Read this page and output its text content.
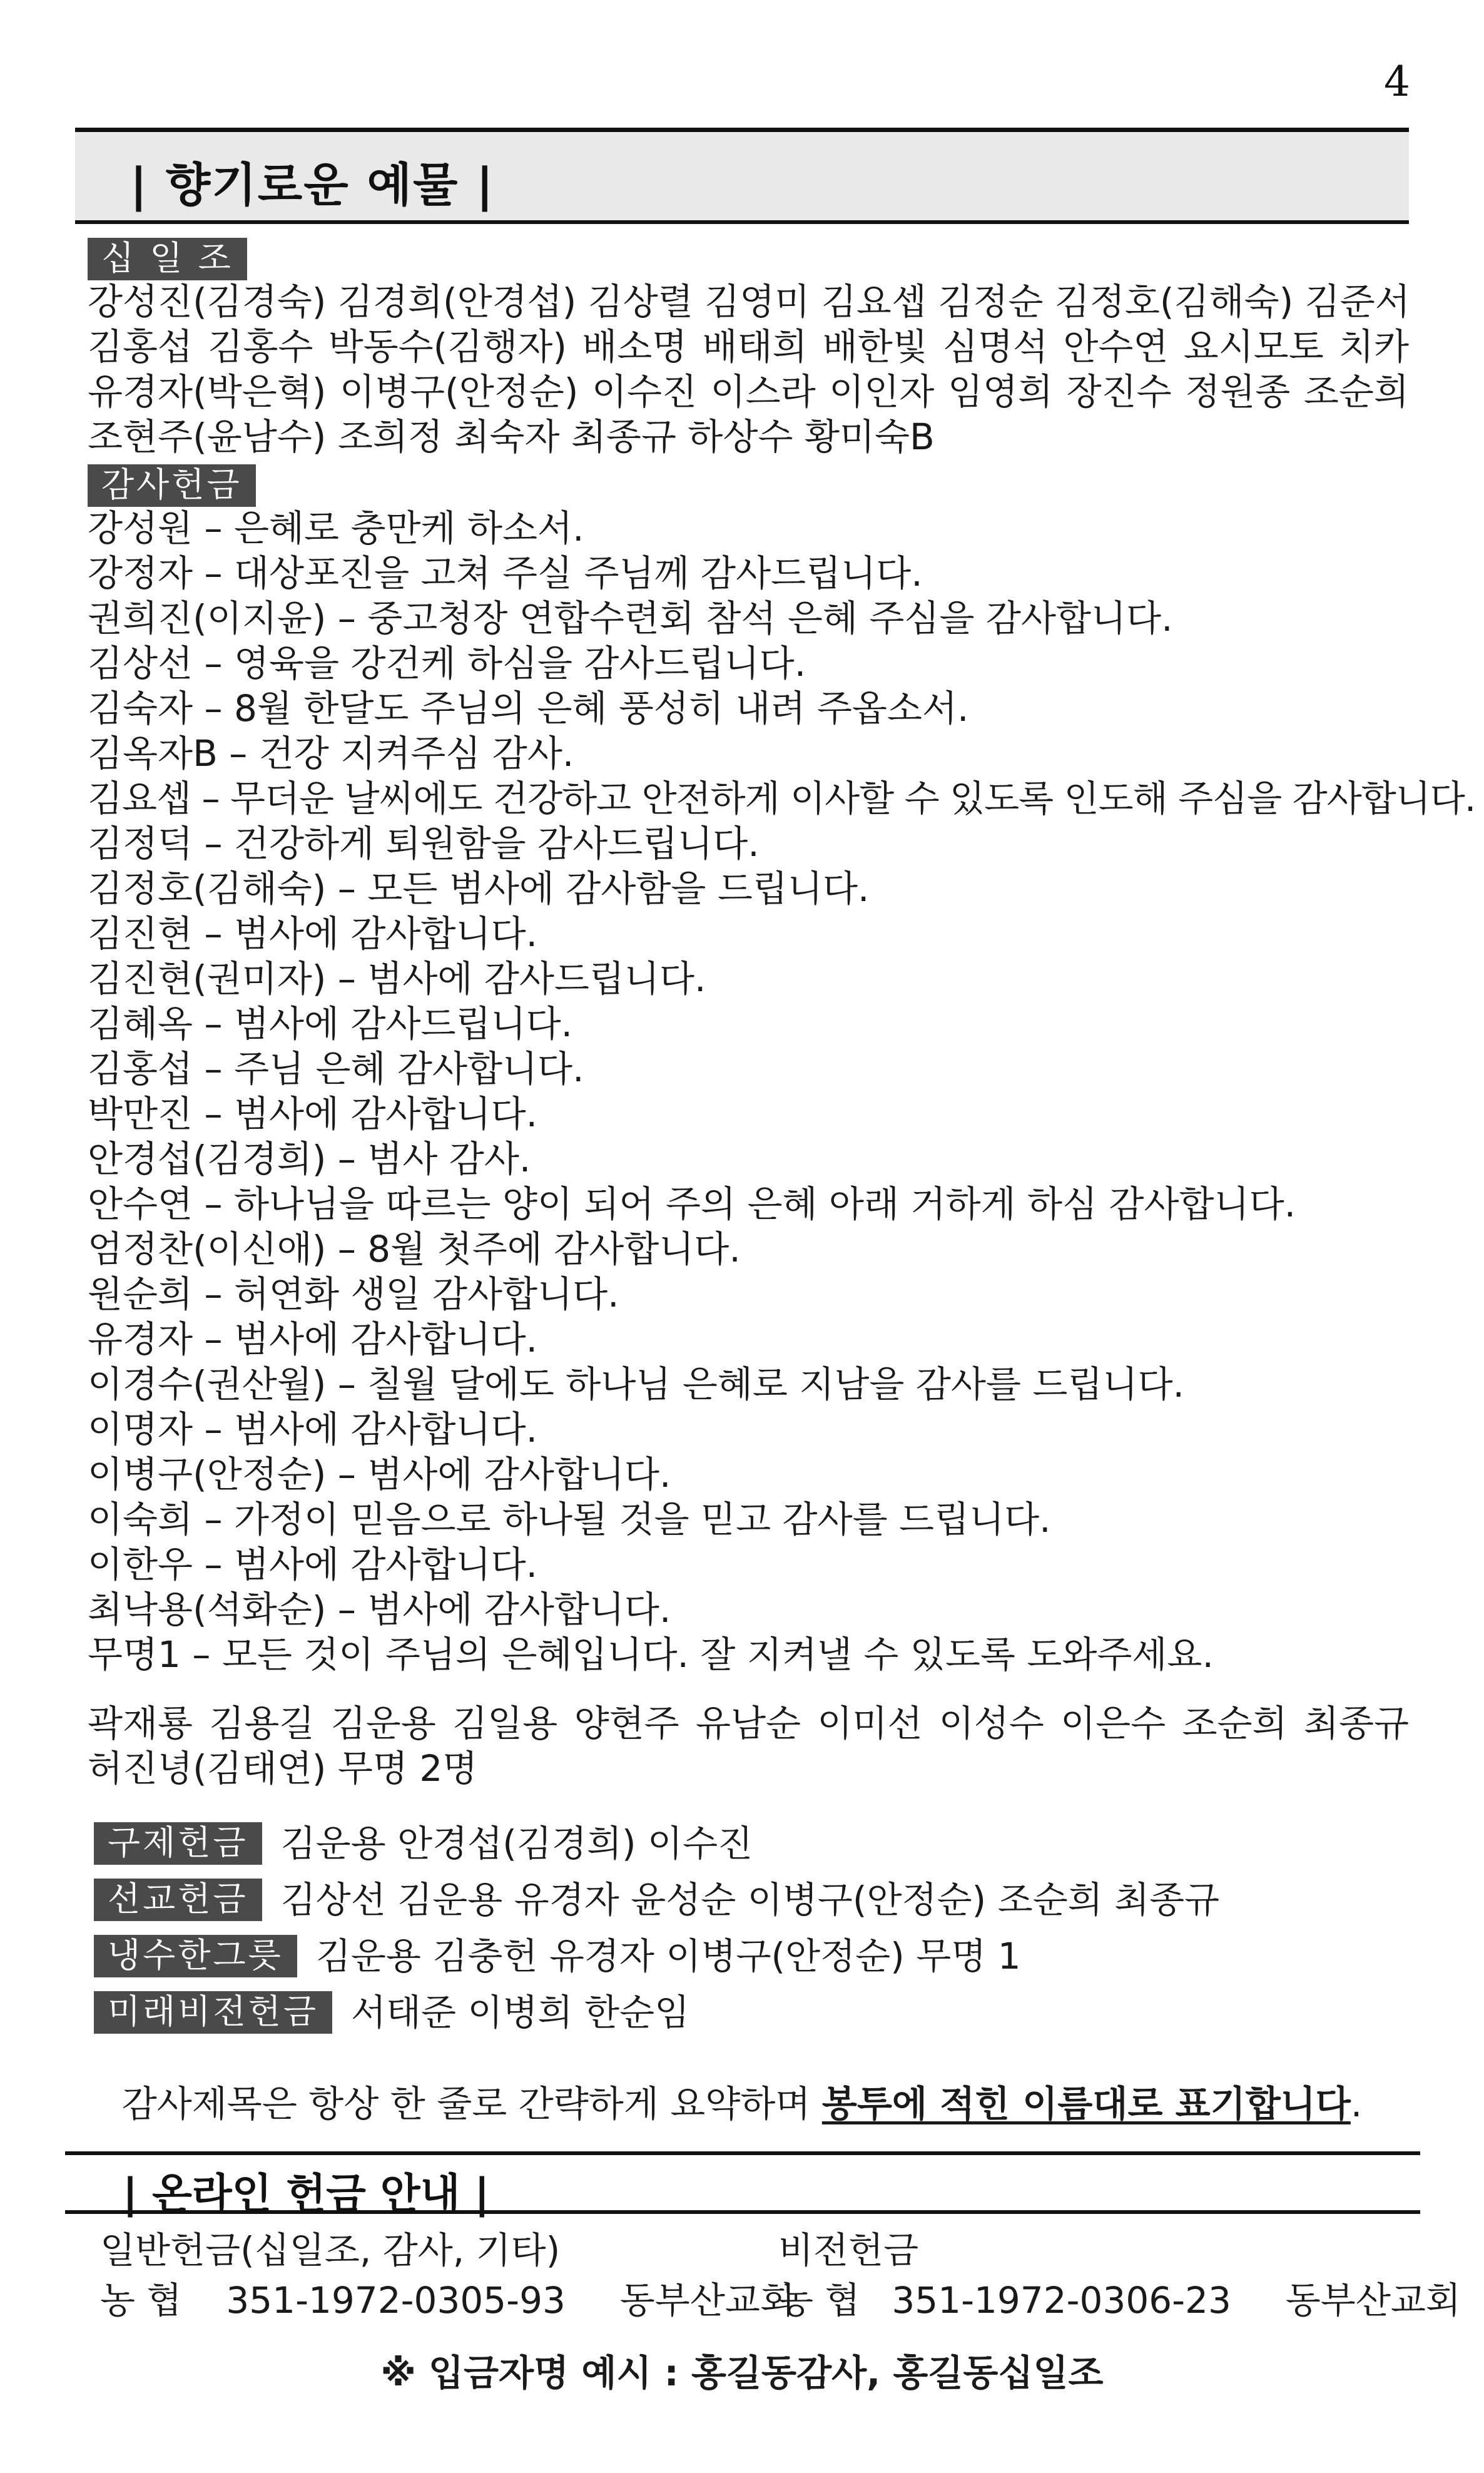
4
| 향기로운 예물 |
십 일 조
강성진(김경숙) 김경희(안경섭) 김상렬 김영미 김요셉 김정순 김정호(김해숙) 김준서
김홍섭 김홍수 박동수(김행자) 배소명 배태희 배한빛 심명석 안수연 요시모토 치카
유경자(박은혁) 이병구(안정순) 이수진 이스라 이인자 임영희 장진수 정원종 조순희
조현주(윤남수) 조희정 최숙자 최종규 하상수 황미숙B
감사헌금
강성원 – 은혜로 충만케 하소서.
강정자 – 대상포진을 고쳐 주실 주님께 감사드립니다.
권희진(이지윤) – 중고청장 연합수련회 참석 은혜 주심을 감사합니다.
김상선 – 영육을 강건케 하심을 감사드립니다.
김숙자 – 8월 한달도 주님의 은혜 풍성히 내려 주옵소서.
김옥자B – 건강 지켜주심 감사.
김요셉 – 무더운 날씨에도 건강하고 안전하게 이사할 수 있도록 인도해 주심을 감사합니다.
김정덕 – 건강하게 퇴원함을 감사드립니다.
김정호(김해숙) – 모든 범사에 감사함을 드립니다.
김진현 – 범사에 감사합니다.
김진현(권미자) – 범사에 감사드립니다.
김혜옥 – 범사에 감사드립니다.
김홍섭 – 주님 은혜 감사합니다.
박만진 – 범사에 감사합니다.
안경섭(김경희) – 범사 감사.
안수연 – 하나님을 따르는 양이 되어 주의 은혜 아래 거하게 하심 감사합니다.
엄정찬(이신애) – 8월 첫주에 감사합니다.
원순희 – 허연화 생일 감사합니다.
유경자 – 범사에 감사합니다.
이경수(권산월) – 칠월 달에도 하나님 은혜로 지남을 감사를 드립니다.
이명자 – 범사에 감사합니다.
이병구(안정순) – 범사에 감사합니다.
이숙희 – 가정이 믿음으로 하나될 것을 믿고 감사를 드립니다.
이한우 – 범사에 감사합니다.
최낙용(석화순) – 범사에 감사합니다.
무명1 – 모든 것이 주님의 은혜입니다. 잘 지켜낼 수 있도록 도와주세요.
곽재룡 김용길 김운용 김일용 양현주 유남순 이미선 이성수 이은수 조순희 최종규
허진녕(김태연) 무명 2명
구제헌금 김운용 안경섭(김경희) 이수진
선교헌금 김상선 김운용 유경자 윤성순 이병구(안정순) 조순희 최종규
냉수한그릇 김운용 김충헌 유경자 이병구(안정순) 무명 1
미래비전헌금 서태준 이병희 한순임
감사제목은 항상 한 줄로 간략하게 요약하며 봉투에 적힌 이름대로 표기합니다.
| 온라인 헌금 안내 |
일반헌금(십일조, 감사, 기타)
농 협 351-1972-0305-93 동부산교회
비전헌금
농 협 351-1972-0306-23 동부산교회
※ 입금자명 예시 : 홍길동감사, 홍길동십일조
